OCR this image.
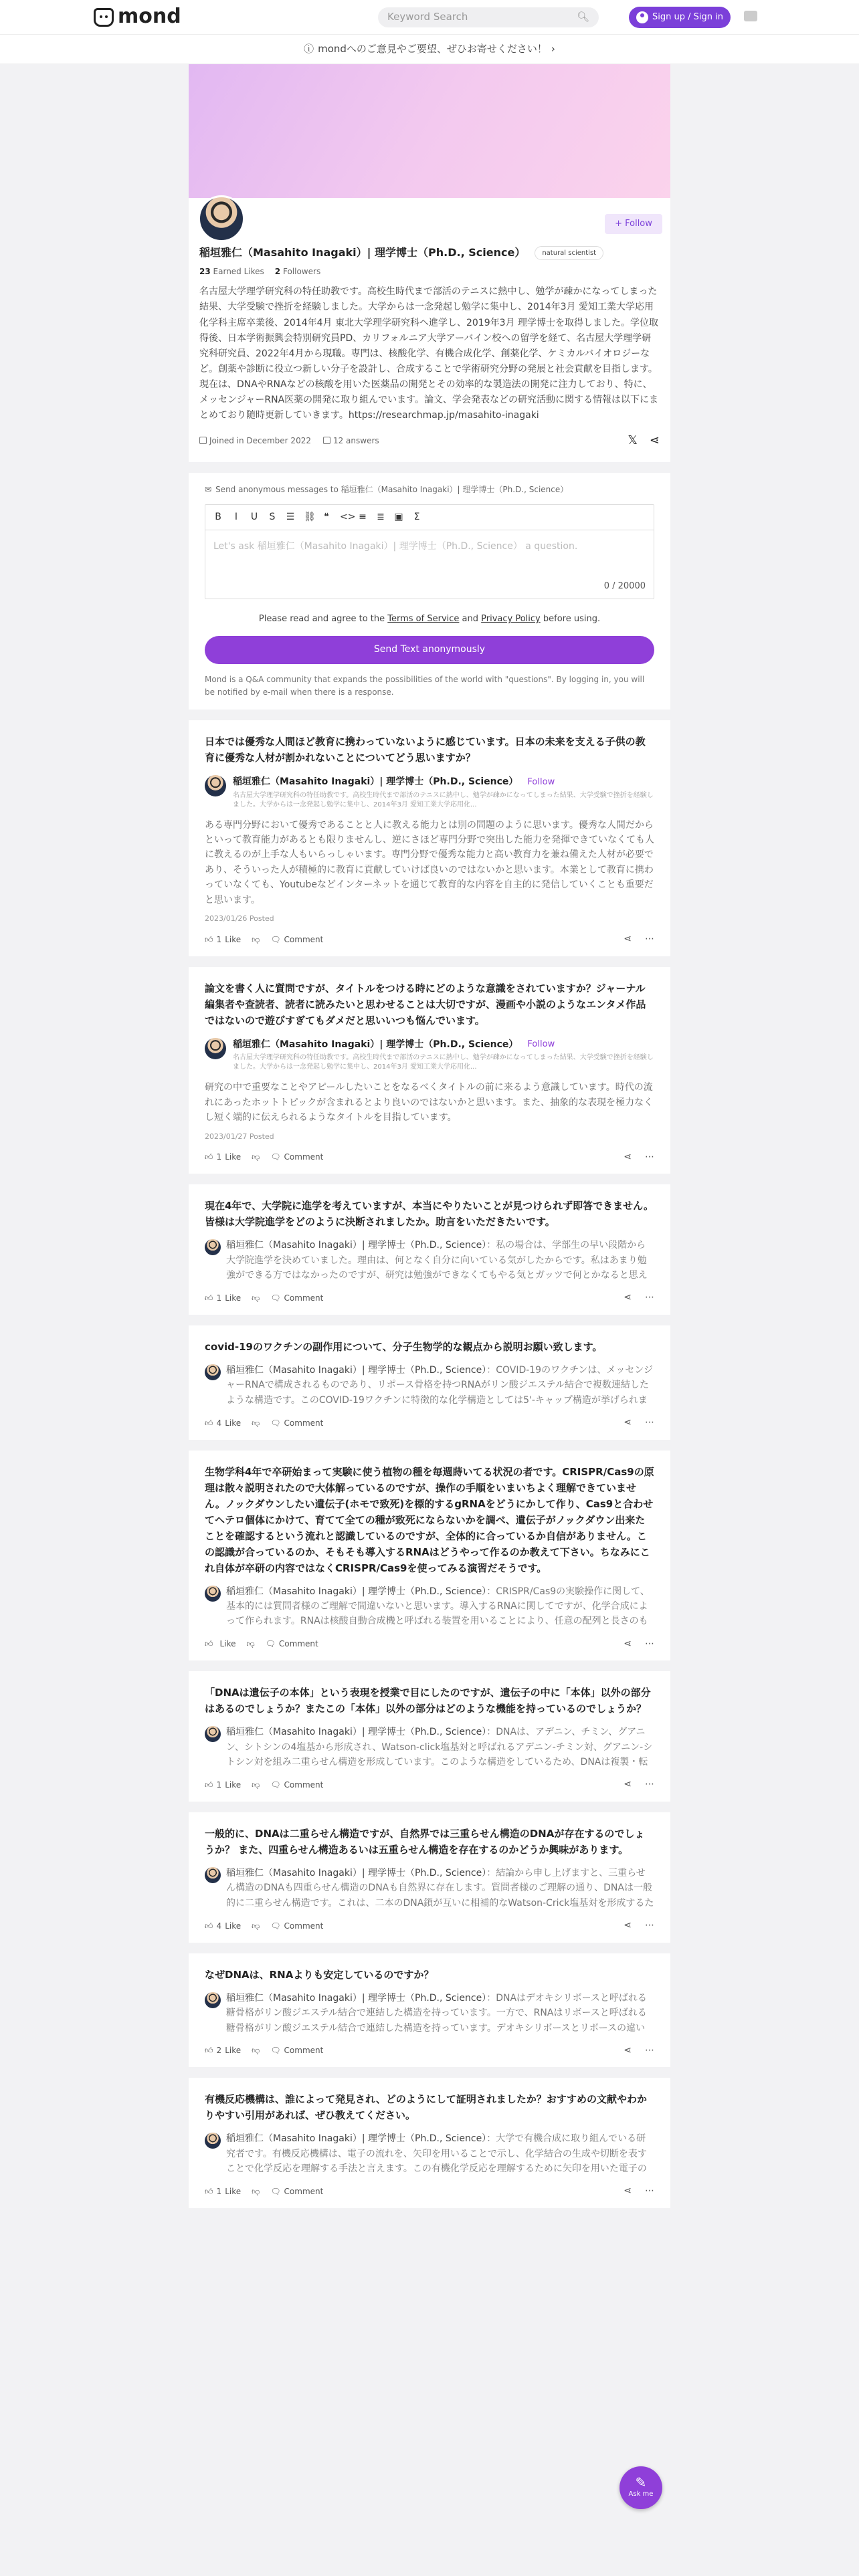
mond	Keyword Search	🔍︎	Sign up / Sign in
ⓘ mondへのご意見やご要望、ぜひお寄せください！ ›
+ Follow
稲垣雅仁（Masahito Inagaki）| 理学博士（Ph.D., Science）	natural scientist
23 Earned Likes 2 Followers
名古屋大学理学研究科の特任助教です。高校生時代まで部活のテニスに熱中し、勉学が疎かになってしまった結果、大学受験で挫折を経験しました。大学からは一念発起し勉学に集中し、2014年3月 愛知工業大学応用化学科主席卒業後、2014年4月 東北大学理学研究科へ進学し、2019年3月 理学博士を取得しました。学位取得後、日本学術振興会特別研究員PD、カリフォルニア大学アーバイン校への留学を経て、名古屋大学理学研究科研究員、2022年4月から現職。専門は、核酸化学、有機合成化学、創薬化学、ケミカルバイオロジーなど。創薬や診断に役立つ新しい分子を設計し、合成することで学術研究分野の発展と社会貢献を目指します。現在は、DNAやRNAなどの核酸を用いた医薬品の開発とその効率的な製造法の開発に注力しており、特に、メッセンジャーRNA医薬の開発に取り組んでいます。論文、学会発表などの研究活動に関する情報は以下にまとめており随時更新していきます。https://researchmap.jp/masahito-inagaki
Joined in December 2022	12 answers	𝕏 ⋖
✉ Send anonymous messages to 稲垣雅仁（Masahito Inagaki）| 理学博士（Ph.D., Science）
B	I	U S ☰ ⛓ ❝ <> ≡ ≣ ▣ Σ
Let's ask 稲垣雅仁（Masahito Inagaki）| 理学博士（Ph.D., Science） a question.
0 / 20000
Please read and agree to the Terms of Service and Privacy Policy before using.
Send Text anonymously
Mond is a Q&A community that expands the possibilities of the world with "questions". By logging in, you will be notified by e-mail when there is a response.
日本では優秀な人間ほど教育に携わっていないように感じています。日本の未来を支える子供の教育に優秀な人材が割かれないことについてどう思いますか？
稲垣雅仁（Masahito Inagaki）| 理学博士（Ph.D., Science） Follow
名古屋大学理学研究科の特任助教です。高校生時代まで部活のテニスに熱中し、勉学が疎かになってしまった結果、大学受験で挫折を経験しました。大学からは一念発起し勉学に集中し、2014年3月 愛知工業大学応用化...
ある専門分野において優秀であることと人に教える能力とは別の問題のように思います。優秀な人間だからといって教育能力があるとも限りませんし、逆にさほど専門分野で突出した能力を発揮できていなくても人に教えるのが上手な人もいらっしゃいます。専門分野で優秀な能力と高い教育力を兼ね備えた人材が必要であり、そういった人が積極的に教育に貢献していけば良いのではないかと思います。本業として教育に携わっていなくても、Youtubeなどインターネットを通じて教育的な内容を自主的に発信していくことも重要だと思います。
2023/01/26 Posted
👍︎ 1 Like 👎︎ 🗨︎ Comment	⋖ ⋯
論文を書く人に質問ですが、タイトルをつける時にどのような意識をされていますか？ジャーナル編集者や査読者、読者に読みたいと思わせることは大切ですが、漫画や小説のようなエンタメ作品ではないので遊びすぎてもダメだと思いいつも悩んでいます。
稲垣雅仁（Masahito Inagaki）| 理学博士（Ph.D., Science） Follow
名古屋大学理学研究科の特任助教です。高校生時代まで部活のテニスに熱中し、勉学が疎かになってしまった結果、大学受験で挫折を経験しました。大学からは一念発起し勉学に集中し、2014年3月 愛知工業大学応用化...
研究の中で重要なことやアピールしたいことをなるべくタイトルの前に来るよう意識しています。時代の流れにあったホットトピックが含まれるとより良いのではないかと思います。また、抽象的な表現を極力なくし短く端的に伝えられるようなタイトルを目指しています。
2023/01/27 Posted
👍︎ 1 Like 👎︎ 🗨︎ Comment	⋖ ⋯
現在4年で、大学院に進学を考えていますが、本当にやりたいことが見つけられず即答できません。皆様は大学院進学をどのように決断されましたか。助言をいただきたいです。
稲垣雅仁（Masahito Inagaki）| 理学博士（Ph.D., Science）：私の場合は、学部生の早い段階から大学院進学を決めていました。理由は、何となく自分に向いている気がしたからです。私はあまり勉強ができる方ではなかったのですが、研究は勉強ができなくてもやる気とガッツで何とかなると思え
👍︎ 1 Like 👎︎ 🗨︎ Comment	⋖ ⋯
covid-19のワクチンの副作用について、分子生物学的な観点から説明お願い致します。
稲垣雅仁（Masahito Inagaki）| 理学博士（Ph.D., Science）：COVID-19のワクチンは、メッセンジャーRNAで構成されるものであり、リポース骨格を持つRNAがリン酸ジエステル結合で複数連結したような構造です。このCOVID-19ワクチンに特徴的な化学構造としては5'-キャップ構造が挙げられま
👍︎ 4 Like 👎︎ 🗨︎ Comment	⋖ ⋯
生物学科4年で卒研始まって実験に使う植物の種を毎週蒔いてる状況の者です。CRISPR/Cas9の原理は散々説明されたので大体解っているのですが、操作の手順をいまいちよく理解できていません。ノックダウンしたい遺伝子(ホモで致死)を標的するgRNAをどうにかして作り、Cas9と合わせてヘテロ個体にかけて、育てて全ての種が致死にならないかを調べ、遺伝子がノックダウン出来たことを確認するという流れと認識しているのですが、全体的に合っているか自信がありません。この認識が合っているのか、そもそも導入するRNAはどうやって作るのか教えて下さい。ちなみにこれ自体が卒研の内容ではなくCRISPR/Cas9を使ってみる演習だそうです。
稲垣雅仁（Masahito Inagaki）| 理学博士（Ph.D., Science）：CRISPR/Cas9の実験操作に関して、基本的には質問者様のご理解で間違いないと思います。導入するRNAに関してですが、化学合成によって作られます。RNAは核酸自動合成機と呼ばれる装置を用いることにより、任意の配列と長さのも
👍︎ Like 👎︎ 🗨︎ Comment	⋖ ⋯
「DNAは遺伝子の本体」という表現を授業で目にしたのですが、遺伝子の中に「本体」以外の部分はあるのでしょうか？またこの「本体」以外の部分はどのような機能を持っているのでしょうか？
稲垣雅仁（Masahito Inagaki）| 理学博士（Ph.D., Science）：DNAは、アデニン、チミン、グアニン、シトシンの4塩基から形成され、Watson-click塩基対と呼ばれるアデニン-チミン対、グアニン-シトシン対を組み二重らせん構造を形成しています。このような構造をしているため、DNAは複製・転
👍︎ 1 Like 👎︎ 🗨︎ Comment	⋖ ⋯
一般的に、DNAは二重らせん構造ですが、自然界では三重らせん構造のDNAが存在するのでしょうか？ また、四重らせん構造あるいは五重らせん構造を存在するのかどうか興味があります。
稲垣雅仁（Masahito Inagaki）| 理学博士（Ph.D., Science）：結論から申し上げますと、三重らせん構造のDNAも四重らせん構造のDNAも自然界に存在します。質問者様のご理解の通り、DNAは一般的に二重らせん構造です。これは、二本のDNA鎖が互いに相補的なWatson-Crick塩基対を形成するた
👍︎ 4 Like 👎︎ 🗨︎ Comment	⋖ ⋯
なぜDNAは、RNAよりも安定しているのですか？
稲垣雅仁（Masahito Inagaki）| 理学博士（Ph.D., Science）：DNAはデオキシリボースと呼ばれる糖骨格がリン酸ジエステル結合で連結した構造を持っています。一方で、RNAはリボースと呼ばれる糖骨格がリン酸ジエステル結合で連結した構造を持っています。デオキシリボースとリボースの違い
👍︎ 2 Like 👎︎ 🗨︎ Comment	⋖ ⋯
有機反応機構は、誰によって発見され、どのようにして証明されましたか？おすすめの文献やわかりやすい引用があれば、ぜひ教えてください。
稲垣雅仁（Masahito Inagaki）| 理学博士（Ph.D., Science）：大学で有機合成に取り組んでいる研究者です。有機反応機構は、電子の流れを、矢印を用いることで示し、化学結合の生成や切断を表すことで化学反応を理解する手法と言えます。この有機化学反応を理解するために矢印を用いた電子の
👍︎ 1 Like 👎︎ 🗨︎ Comment	⋖ ⋯
✎
Ask me
